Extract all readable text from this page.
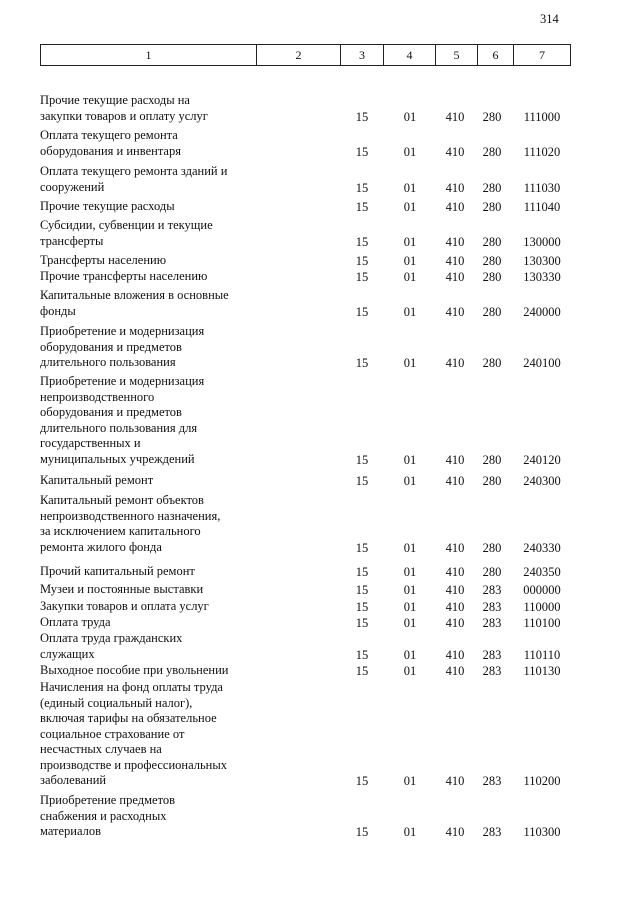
314
1	2	3	4	5	6	7
Прочие текущие расходы на
закупки товаров и оплату услуг	15	01	410	280	111000
Оплата текущего ремонта
оборудования и инвентаря	15	01	410	280	111020
Оплата текущего ремонта зданий и
сооружений	15	01	410	280	111030
Прочие текущие расходы	15	01	410	280	111040
Субсидии, субвенции и текущие
трансферты	15	01	410	280	130000
Трансферты населению	15	01	410	280	130300
Прочие трансферты населению	15	01	410	280	130330
Капитальные вложения в основные
фонды	15	01	410	280	240000
Приобретение и модернизация
оборудования и предметов
длительного пользования	15	01	410	280	240100
Приобретение и модернизация
непроизводственного
оборудования и предметов
длительного пользования для
государственных и
муниципальных учреждений	15	01	410	280	240120
Капитальный ремонт	15	01	410	280	240300
Капитальный ремонт объектов
непроизводственного назначения,
за исключением капитального
ремонта жилого фонда	15	01	410	280	240330
Прочий капитальный ремонт	15	01	410	280	240350
Музеи и постоянные выставки	15	01	410	283	000000
Закупки товаров и оплата услуг	15	01	410	283	110000
Оплата труда	15	01	410	283	110100
Оплата труда гражданских
служащих	15	01	410	283	110110
Выходное пособие при увольнении	15	01	410	283	110130
Начисления на фонд оплаты труда
(единый социальный налог),
включая тарифы на обязательное
социальное страхование от
несчастных случаев на
производстве и профессиональных
заболеваний	15	01	410	283	110200
Приобретение предметов
снабжения и расходных
материалов	15	01	410	283	110300
